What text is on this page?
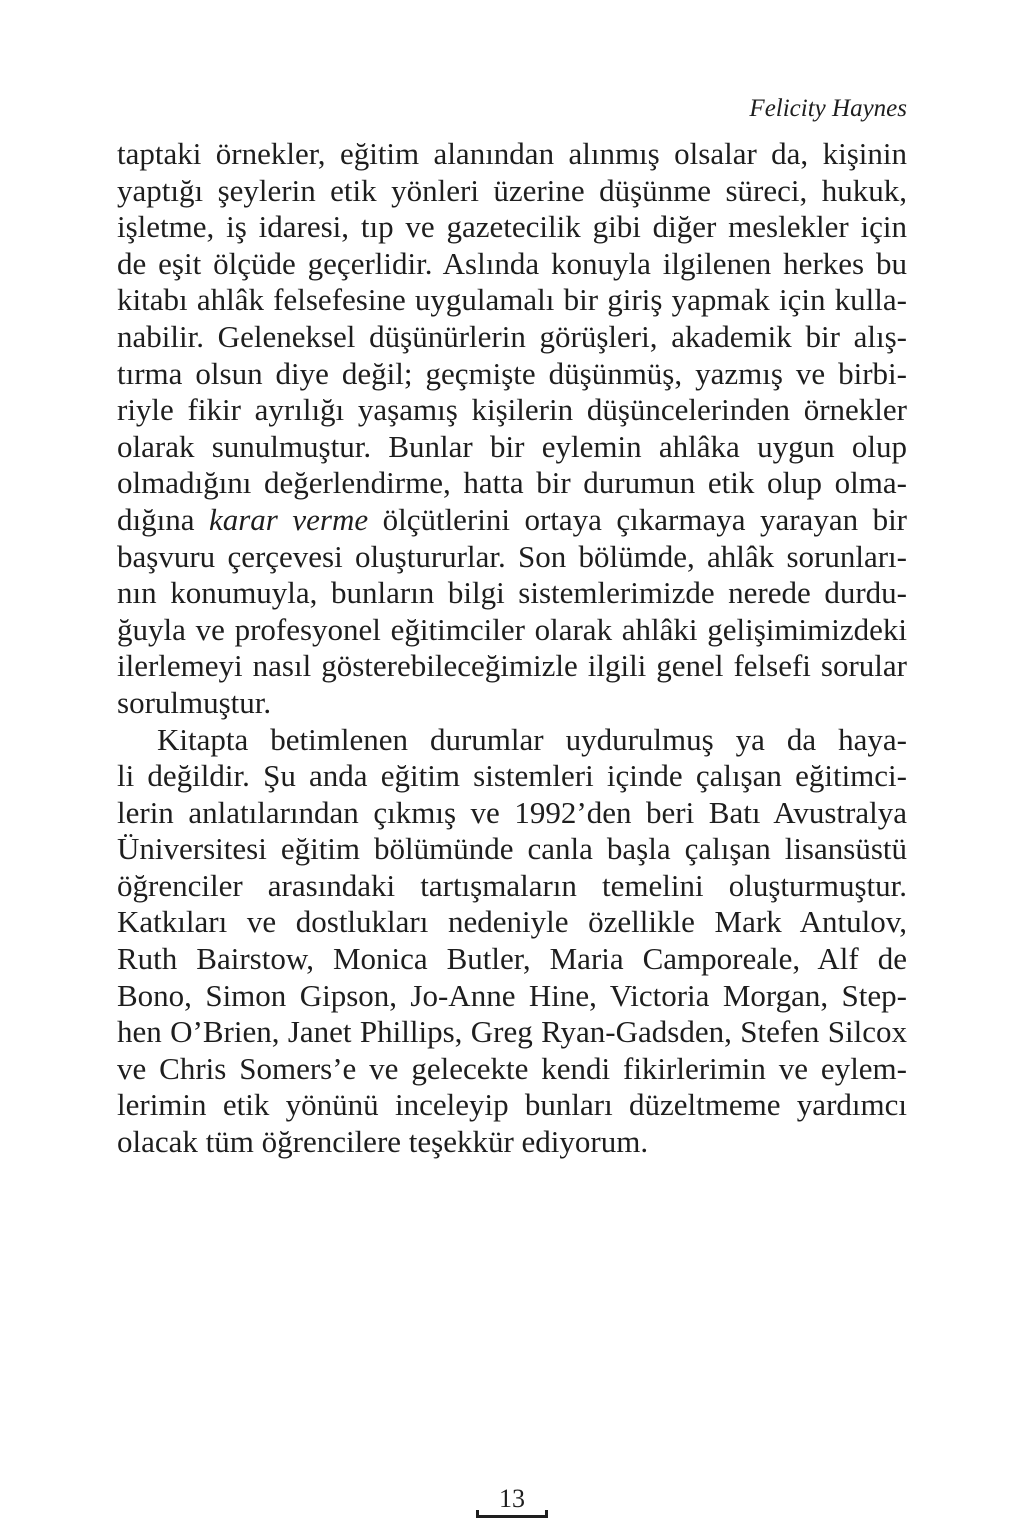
Felicity Haynes
taptaki örnekler, eğitim alanından alınmış olsalar da, kişinin
yaptığı şeylerin etik yönleri üzerine düşünme süreci, hukuk,
işletme, iş idaresi, tıp ve gazetecilik gibi diğer meslekler için
de eşit ölçüde geçerlidir. Aslında konuyla ilgilenen herkes bu
kitabı ahlâk felsefesine uygulamalı bir giriş yapmak için kulla-
nabilir. Geleneksel düşünürlerin görüşleri, akademik bir alış-
tırma olsun diye değil; geçmişte düşünmüş, yazmış ve birbi-
riyle fikir ayrılığı yaşamış kişilerin düşüncelerinden örnekler
olarak sunulmuştur. Bunlar bir eylemin ahlâka uygun olup
olmadığını değerlendirme, hatta bir durumun etik olup olma-
dığına karar verme ölçütlerini ortaya çıkarmaya yarayan bir
başvuru çerçevesi oluştururlar. Son bölümde, ahlâk sorunları-
nın konumuyla, bunların bilgi sistemlerimizde nerede durdu-
ğuyla ve profesyonel eğitimciler olarak ahlâki gelişimimizdeki
ilerlemeyi nasıl gösterebileceğimizle ilgili genel felsefi sorular
sorulmuştur.
Kitapta betimlenen durumlar uydurulmuş ya da haya-
li değildir. Şu anda eğitim sistemleri içinde çalışan eğitimci-
lerin anlatılarından çıkmış ve 1992’den beri Batı Avustralya
Üniversitesi eğitim bölümünde canla başla çalışan lisansüstü
öğrenciler arasındaki tartışmaların temelini oluşturmuştur.
Katkıları ve dostlukları nedeniyle özellikle Mark Antulov,
Ruth Bairstow, Monica Butler, Maria Camporeale, Alf de
Bono, Simon Gipson, Jo-Anne Hine, Victoria Morgan, Step-
hen O’Brien, Janet Phillips, Greg Ryan-Gadsden, Stefen Silcox
ve Chris Somers’e ve gelecekte kendi fikirlerimin ve eylem-
lerimin etik yönünü inceleyip bunları düzeltmeme yardımcı
olacak tüm öğrencilere teşekkür ediyorum.
13
